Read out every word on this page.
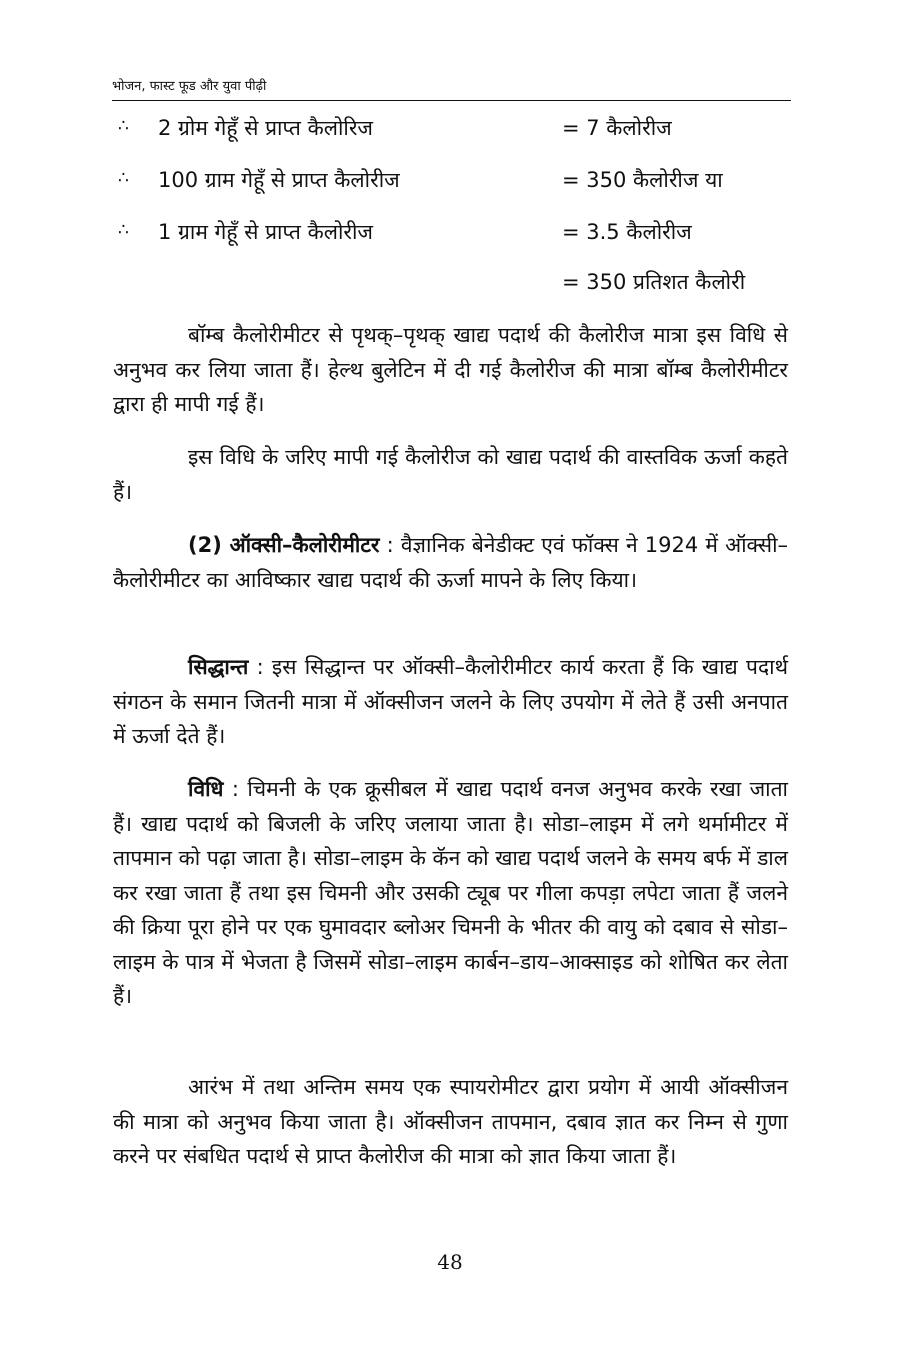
भोजन, फास्ट फूड और युवा पीढ़ी
∴ 2 ग्रोम गेहूँ से प्राप्त कैलोरिज	= 7 कैलोरीज
∴ 100 ग्राम गेहूँ से प्राप्त कैलोरीज	= 350 कैलोरीज या
∴ 1 ग्राम गेहूँ से प्राप्त कैलोरीज	= 3.5 कैलोरीज
= 350 प्रतिशत कैलोरी

बॉम्ब कैलोरीमीटर से पृथक्–पृथक् खाद्य पदार्थ की कैलोरीज मात्रा इस विधि से अनुभव कर लिया जाता हैं। हेल्थ बुलेटिन में दी गई कैलोरीज की मात्रा बॉम्ब कैलोरीमीटर द्वारा ही मापी गई हैं।

इस विधि के जरिए मापी गई कैलोरीज को खाद्य पदार्थ की वास्तविक ऊर्जा कहते हैं।

(2) ऑक्सी–कैलोरीमीटर : वैज्ञानिक बेनेडीक्ट एवं फॉक्स ने 1924 में ऑक्सी–कैलोरीमीटर का आविष्कार खाद्य पदार्थ की ऊर्जा मापने के लिए किया।

सिद्धान्त : इस सिद्धान्त पर ऑक्सी–कैलोरीमीटर कार्य करता हैं कि खाद्य पदार्थ संगठन के समान जितनी मात्रा में ऑक्सीजन जलने के लिए उपयोग में लेते हैं उसी अनपात में ऊर्जा देते हैं।

विधि : चिमनी के एक क्रूसीबल में खाद्य पदार्थ वनज अनुभव करके रखा जाता हैं। खाद्य पदार्थ को बिजली के जरिए जलाया जाता है। सोडा–लाइम में लगे थर्मामीटर में तापमान को पढ़ा जाता है। सोडा–लाइम के कॅन को खाद्य पदार्थ जलने के समय बर्फ में डाल कर रखा जाता हैं तथा इस चिमनी और उसकी ट्यूब पर गीला कपड़ा लपेटा जाता हैं जलने की क्रिया पूरा होने पर एक घुमावदार ब्लोअर चिमनी के भीतर की वायु को दबाव से सोडा–लाइम के पात्र में भेजता है जिसमें सोडा–लाइम कार्बन–डाय–आक्साइड को शोषित कर लेता हैं।

आरंभ में तथा अन्तिम समय एक स्पायरोमीटर द्वारा प्रयोग में आयी ऑक्सीजन की मात्रा को अनुभव किया जाता है। ऑक्सीजन तापमान, दबाव ज्ञात कर निम्न से गुणा करने पर संबधित पदार्थ से प्राप्त कैलोरीज की मात्रा को ज्ञात किया जाता हैं।

48
